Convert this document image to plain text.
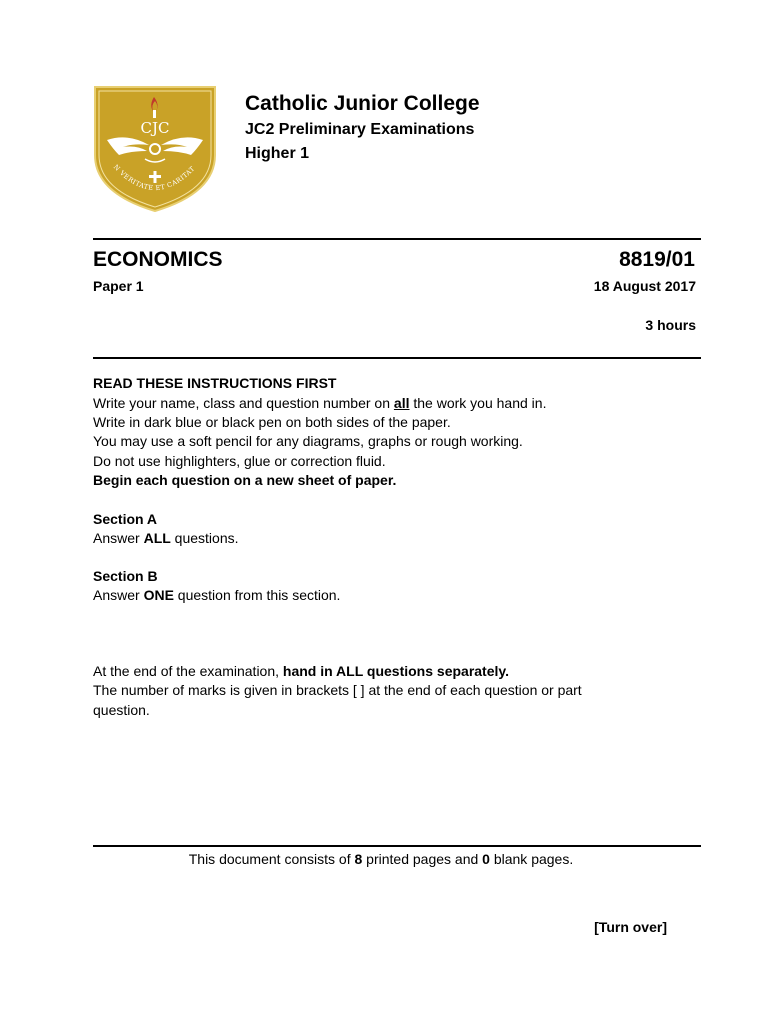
CJC
N VERITATE ET CARITAT
Catholic Junior College
JC2 Preliminary Examinations
Higher 1
ECONOMICS	8819/01
Paper 1	18 August 2017
3 hours
READ THESE INSTRUCTIONS FIRST
Write your name, class and question number on all the work you hand in.
Write in dark blue or black pen on both sides of the paper.
You may use a soft pencil for any diagrams, graphs or rough working.
Do not use highlighters, glue or correction fluid.
Begin each question on a new sheet of paper.
Section A
Answer ALL questions.
Section B
Answer ONE question from this section.
At the end of the examination, hand in ALL questions separately.
The number of marks is given in brackets [ ] at the end of each question or part
question.
This document consists of 8 printed pages and 0 blank pages.
[Turn over]
